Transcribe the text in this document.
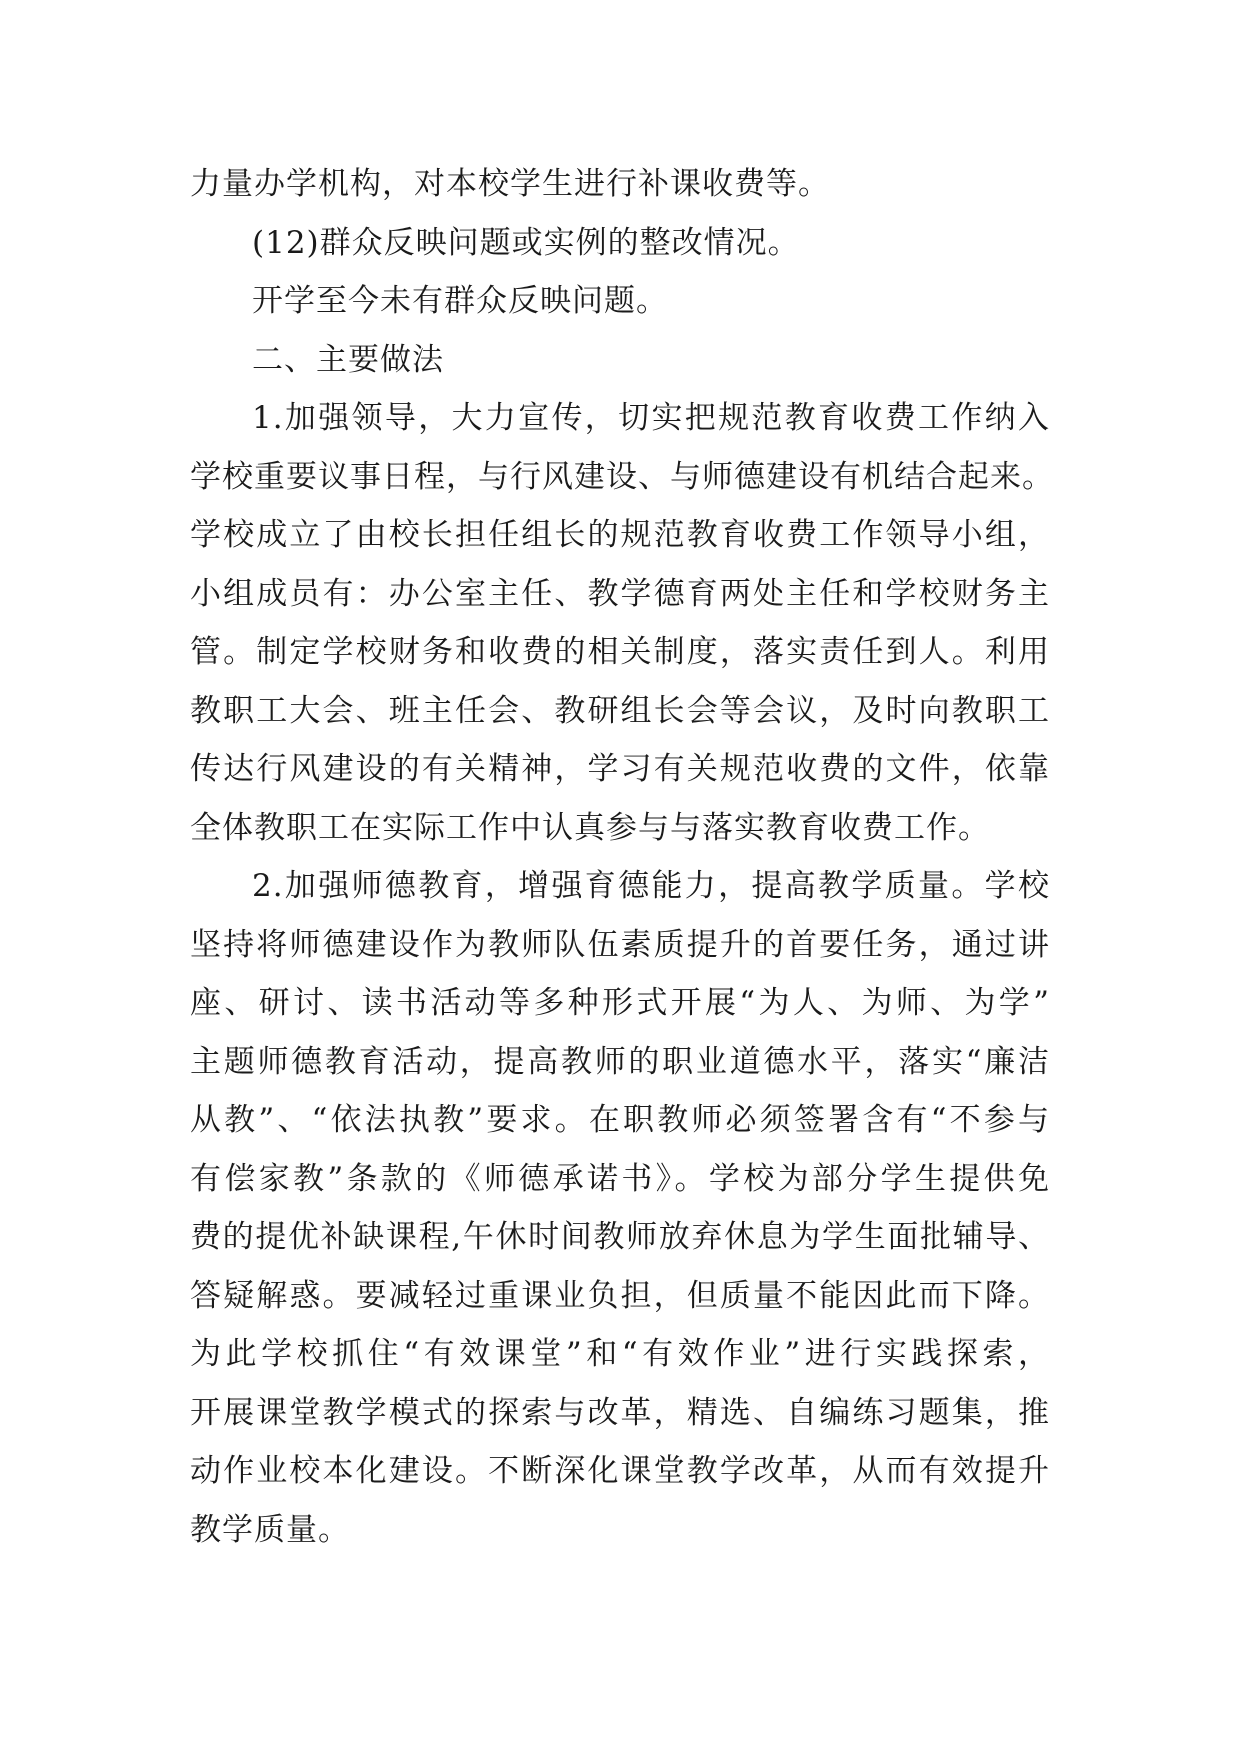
力量办学机构，对本校学生进行补课收费等。
(12)群众反映问题或实例的整改情况。
开学至今未有群众反映问题。
二、主要做法
1.加强领导，大力宣传，切实把规范教育收费工作纳入
学校重要议事日程，与行风建设、与师德建设有机结合起来。
学校成立了由校长担任组长的规范教育收费工作领导小组，
小组成员有：办公室主任、教学德育两处主任和学校财务主
管。制定学校财务和收费的相关制度，落实责任到人。利用
教职工大会、班主任会、教研组长会等会议，及时向教职工
传达行风建设的有关精神，学习有关规范收费的文件，依靠
全体教职工在实际工作中认真参与与落实教育收费工作。
2.加强师德教育，增强育德能力，提高教学质量。学校
坚持将师德建设作为教师队伍素质提升的首要任务，通过讲
座、研讨、读书活动等多种形式开展“为人、为师、为学”
主题师德教育活动，提高教师的职业道德水平，落实“廉洁
从教”、“依法执教”要求。在职教师必须签署含有“不参与
有偿家教”条款的《师德承诺书》。学校为部分学生提供免
费的提优补缺课程,午休时间教师放弃休息为学生面批辅导、
答疑解惑。要减轻过重课业负担，但质量不能因此而下降。
为此学校抓住“有效课堂”和“有效作业”进行实践探索，
开展课堂教学模式的探索与改革，精选、自编练习题集，推
动作业校本化建设。不断深化课堂教学改革，从而有效提升
教学质量。
